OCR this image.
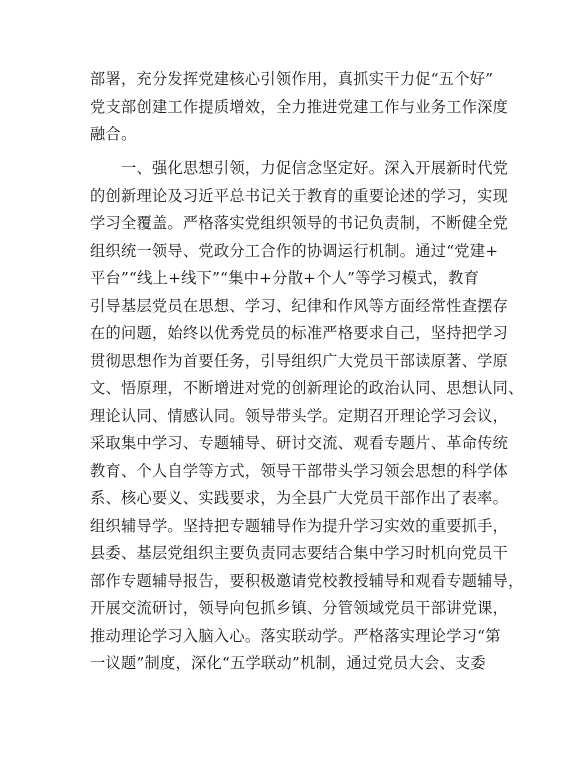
部署，充分发挥党建核心引领作用，真抓实干力促“五个好”
党支部创建工作提质增效，全力推进党建工作与业务工作深度
融合。
一、强化思想引领，力促信念坚定好。深入开展新时代党
的创新理论及习近平总书记关于教育的重要论述的学习，实现
学习全覆盖。严格落实党组织领导的书记负责制，不断健全党
组织统一领导、党政分工合作的协调运行机制。通过“党建+
平台”“线上+线下”“集中+分散+个人”等学习模式，教育
引导基层党员在思想、学习、纪律和作风等方面经常性查摆存
在的问题，始终以优秀党员的标准严格要求自己，坚持把学习
贯彻思想作为首要任务，引导组织广大党员干部读原著、学原
文、悟原理，不断增进对党的创新理论的政治认同、思想认同、
理论认同、情感认同。领导带头学。定期召开理论学习会议，
采取集中学习、专题辅导、研讨交流、观看专题片、革命传统
教育、个人自学等方式，领导干部带头学习领会思想的科学体
系、核心要义、实践要求，为全县广大党员干部作出了表率。
组织辅导学。坚持把专题辅导作为提升学习实效的重要抓手，
县委、基层党组织主要负责同志要结合集中学习时机向党员干
部作专题辅导报告，要积极邀请党校教授辅导和观看专题辅导，
开展交流研讨，领导向包抓乡镇、分管领域党员干部讲党课，
推动理论学习入脑入心。落实联动学。严格落实理论学习“第
一议题”制度，深化“五学联动”机制，通过党员大会、支委
